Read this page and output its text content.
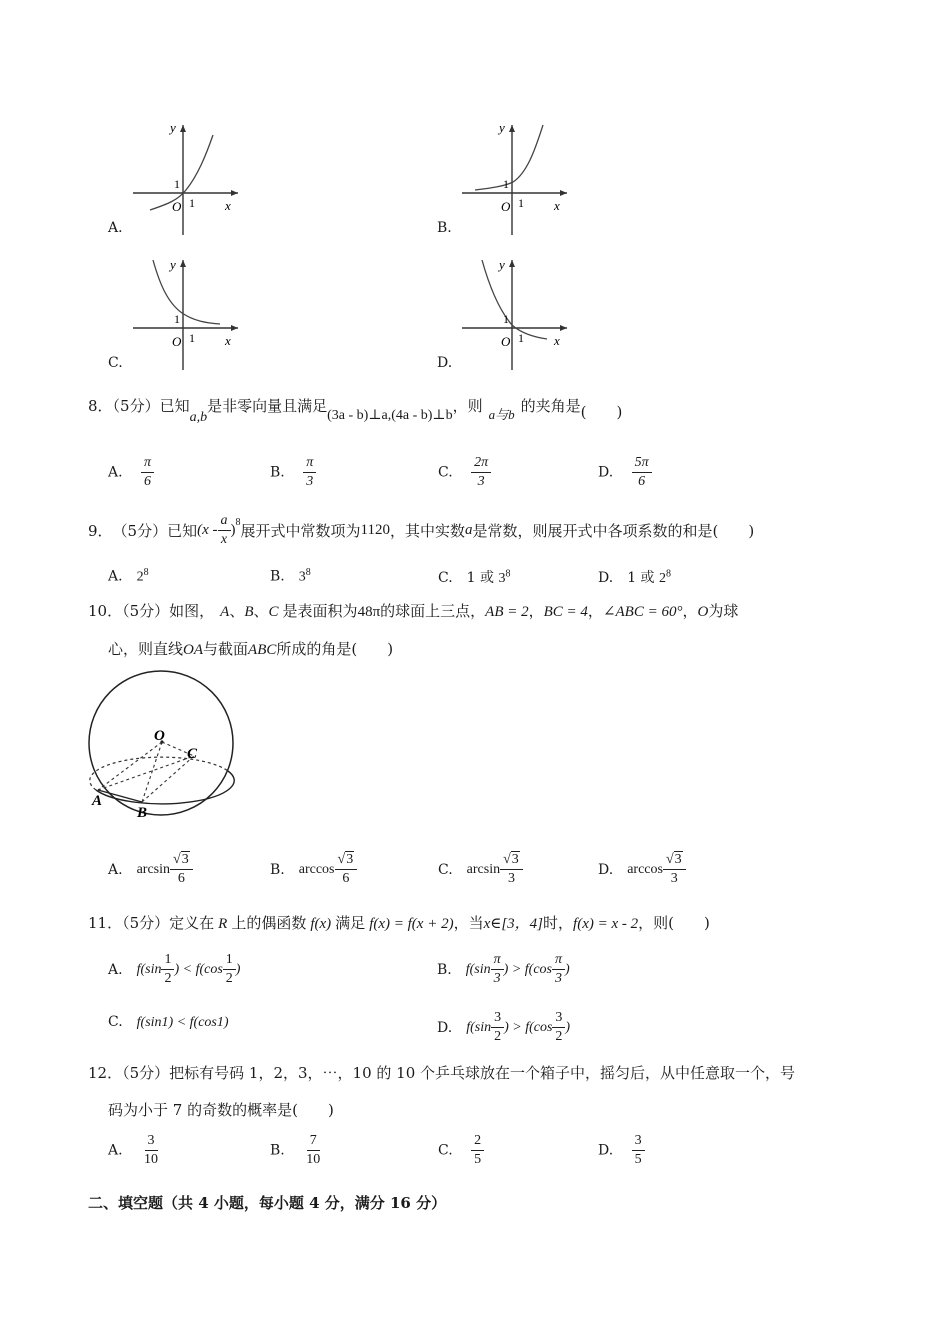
y
x
O
1
1
A.
y
x
O
1
1
B.
y
x
O
1
1
C.
y
x
O
1
1
D.
8．（5分）已知a,b是非零向量且满足(3a - b)⊥a,(4a - b)⊥b，则 a与b 的夹角是(　　)
A. $\frac{\pi}{6}$	B. $\frac{\pi}{3}$	C. $\frac{2\pi}{3}$	D. $\frac{5\pi}{6}$
9． （5分） 已知 ($x - \frac{a}{x}$ ) 8 展开式中常数项为 1120 ，其中实数 a 是常数，则展开式中各项系数的和是 (　　)
A. $2^8$	B. $3^8$	C. 1 或 $3^8$	D. 1 或 $2^8$
10．（5分）如图， A、B、C 是表面积为48π的球面上三点，AB = 2，BC = 4，∠ABC = 60°，O为球
心，则直线OA与截面ABC所成的角是(　　)
O
C
A
B
A. $\arcsin \frac{√3}{6}$	B. $\arccos \frac{√3}{6}$	C. $\arcsin \frac{√3}{3}$	D. $\arccos \frac{√3}{3}$
11．（5分）定义在 R 上的偶函数 f(x) 满足 f(x) = f(x + 2)，当x∈[3，4]时，f(x) = x - 2，则(　　)
A. $f(\sin \frac{1}{2}$ ) < $f(\cos \frac{1}{2}$ )	B. $f(\sin \frac{\pi}{3}$ ) > $f(\cos \frac{\pi}{3}$ )
C. f(sin1) < f(cos1)	D. $f(\sin \frac{3}{2}$ ) > $f(\cos \frac{3}{2}$ )
12．（5分）把标有号码 1，2，3，⋯，10 的 10 个乒乓球放在一个箱子中，摇匀后，从中任意取一个，号
码为小于 7 的奇数的概率是(　　)
A. $\frac{3}{10}$	B. $\frac{7}{10}$	C. $\frac{2}{5}$	D. $\frac{3}{5}$
二、填空题（共 4 小题，每小题 4 分，满分 16 分）
